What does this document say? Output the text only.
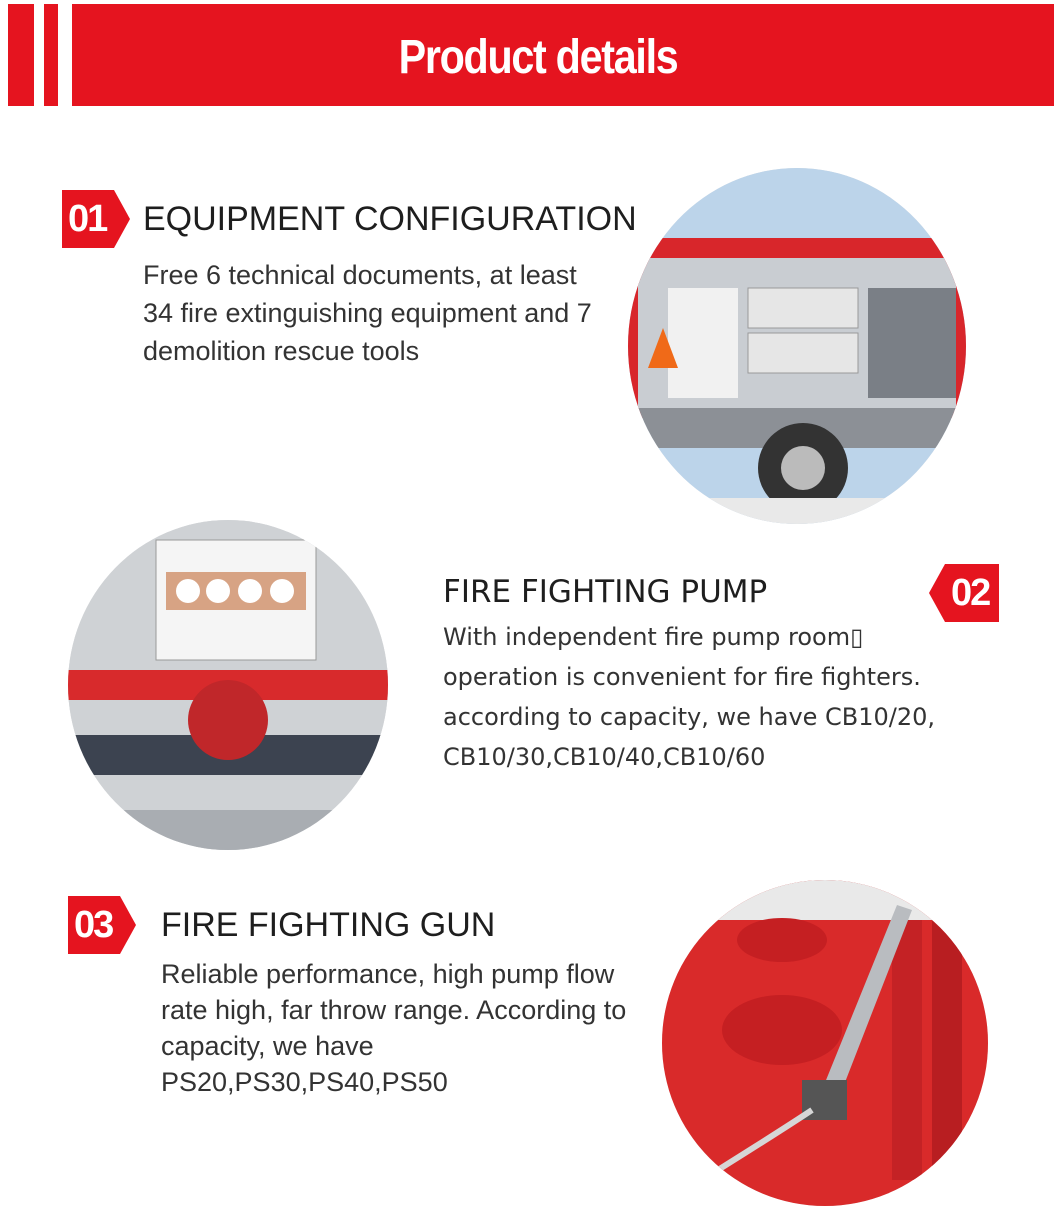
Product details
01 EQUIPMENT CONFIGURATION
Free 6 technical documents, at least
34 fire extinguishing equipment and 7
demolition rescue tools
02
FIRE FIGHTING PUMP
With independent fire pump room▯
operation is convenient for fire fighters.
according to capacity, we have CB10/20,
CB10/30,CB10/40,CB10/60
03 FIRE FIGHTING GUN
Reliable performance, high pump flow
rate high, far throw range. According to
capacity, we have
PS20,PS30,PS40,PS50
